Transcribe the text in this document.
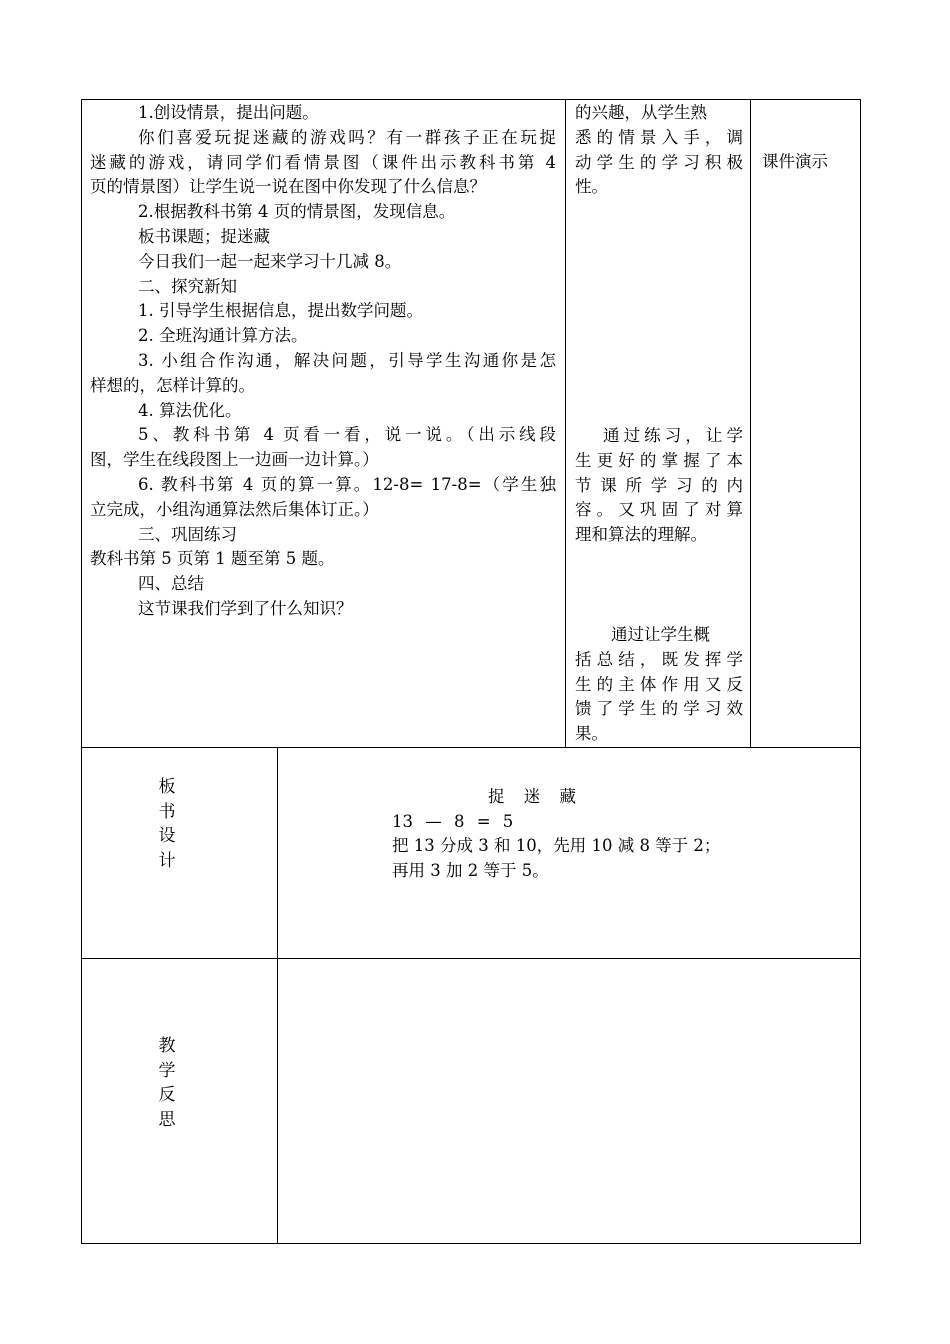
1.创设情景，提出问题。
你们喜爱玩捉迷藏的游戏吗？有一群孩子正在玩捉
迷藏的游戏，请同学们看情景图（课件出示教科书第 4
页的情景图）让学生说一说在图中你发现了什么信息？
2.根据教科书第 4 页的情景图，发现信息。
板书课题；捉迷藏
今日我们一起一起来学习十几减 8。
二、探究新知
1. 引导学生根据信息，提出数学问题。
2. 全班沟通计算方法。
3. 小组合作沟通，解决问题，引导学生沟通你是怎
样想的，怎样计算的。
4. 算法优化。
5、教科书第 4 页看一看，说一说。（出示线段
图，学生在线段图上一边画一边计算。）
6. 教科书第 4 页的算一算。12-8= 17-8=（学生独
立完成，小组沟通算法然后集体订正。）
三、巩固练习
教科书第 5 页第 1 题至第 5 题。
四、总结
这节课我们学到了什么知识？
的兴趣，从学生熟
悉的情景入手，调
动学生的学习积极
性。
通过练习，让学
生更好的掌握了本
节课所学习的内
容。又巩固了对算
理和算法的理解。
通过让学生概
括总结，既发挥学
生的主体作用又反
馈了学生的学习效
果。
课件演示
板
书
设
计
捉 迷 藏
13 — 8 = 5
把 13 分成 3 和 10，先用 10 减 8 等于 2；
再用 3 加 2 等于 5。
教
学
反
思
